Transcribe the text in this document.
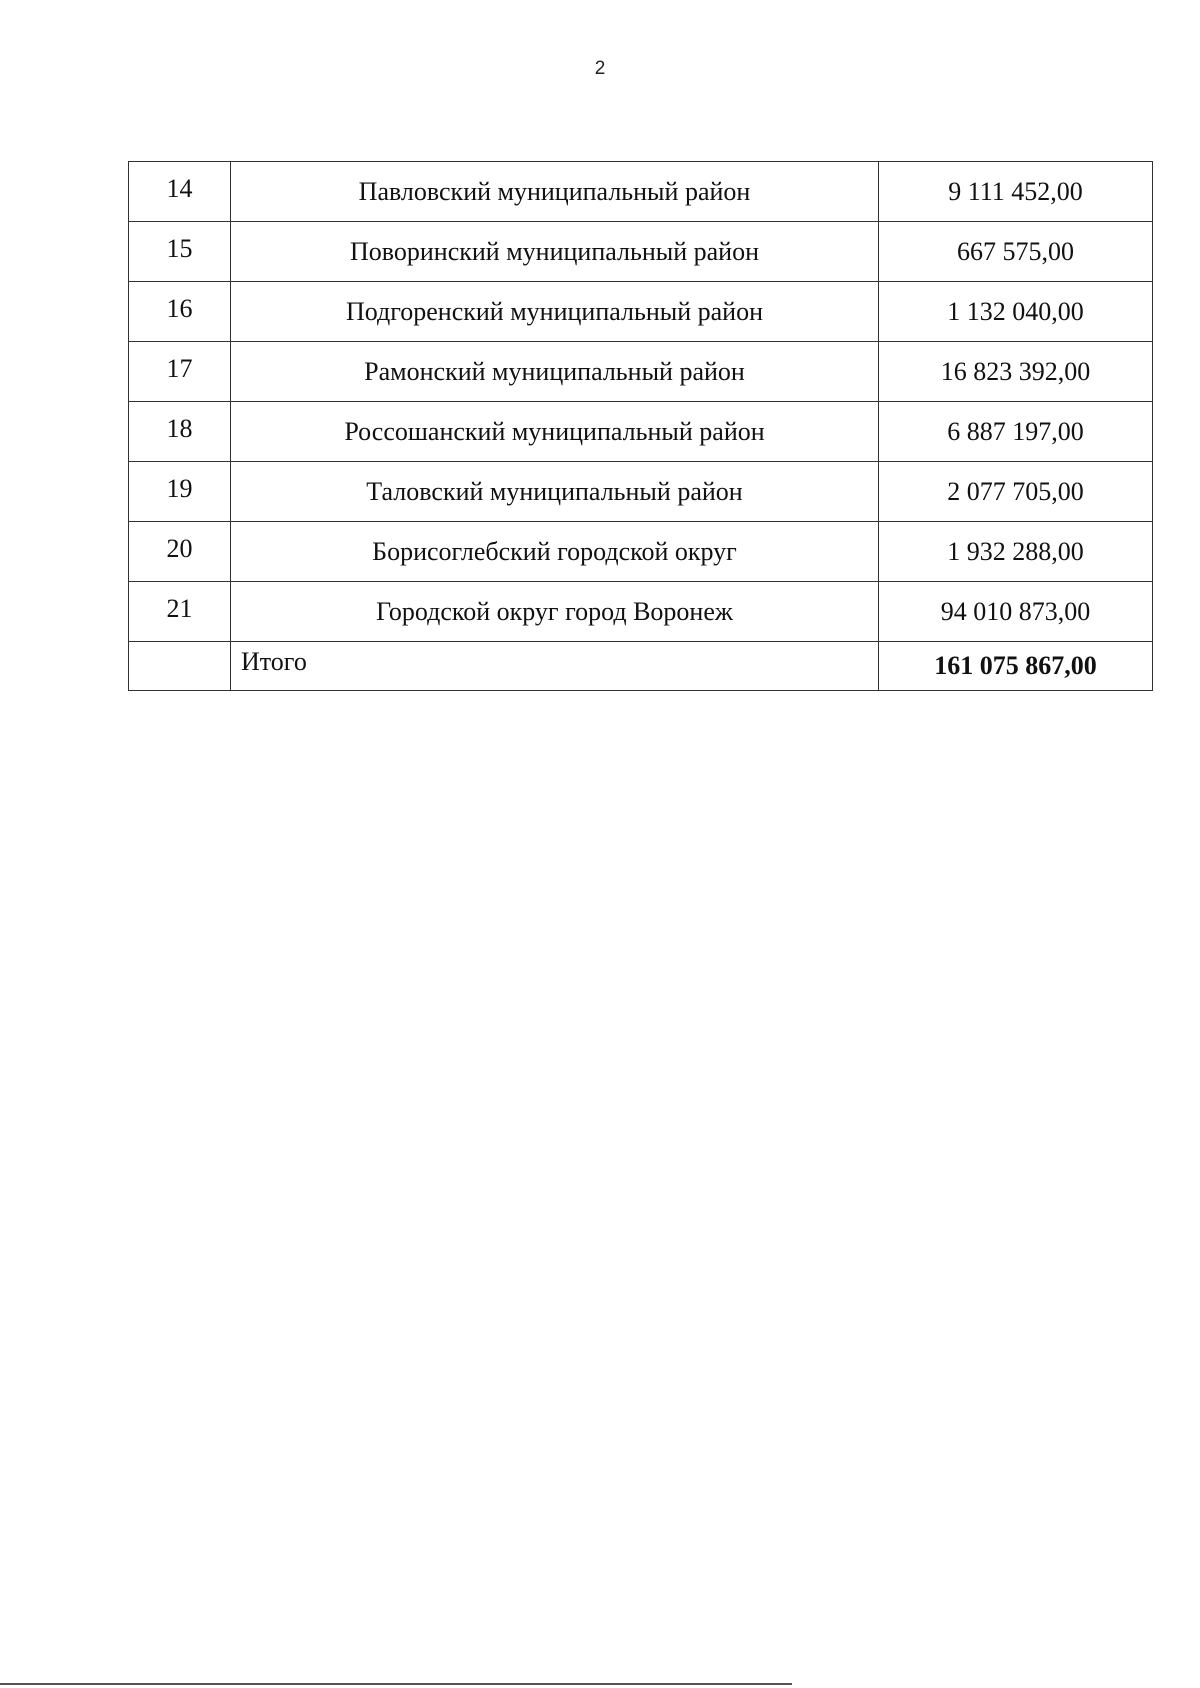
2
14	Павловский муниципальный район	9 111 452,00
15	Поворинский муниципальный район	667 575,00
16	Подгоренский муниципальный район	1 132 040,00
17	Рамонский муниципальный район	16 823 392,00
18	Россошанский муниципальный район	6 887 197,00
19	Таловский муниципальный район	2 077 705,00
20	Борисоглебский городской округ	1 932 288,00
21	Городской округ город Воронеж	94 010 873,00
	Итого	161 075 867,00
